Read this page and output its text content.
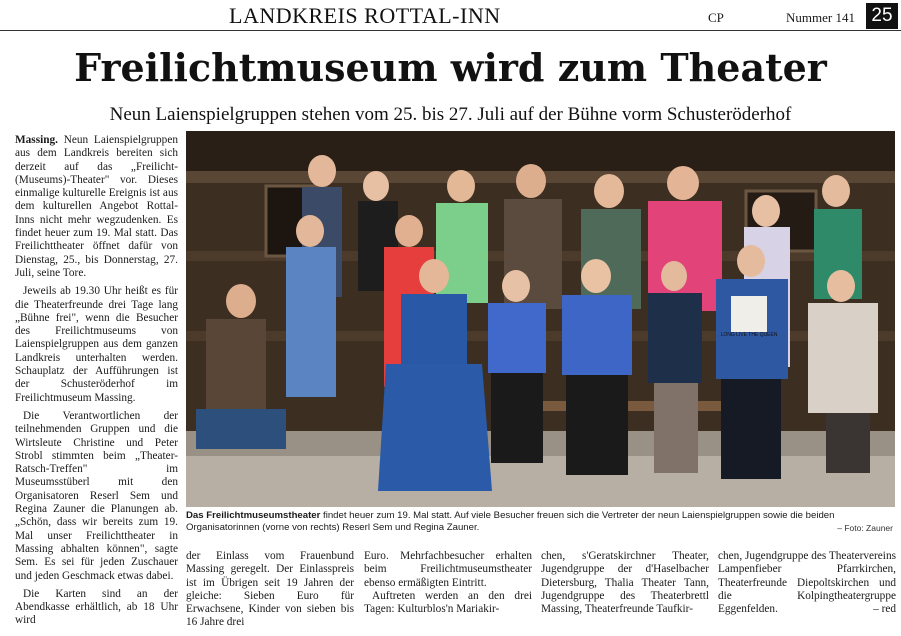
LANDKREIS ROTTAL-INN	CP	Nummer 141 25
Freilichtmuseum wird zum Theater
Neun Laienspielgruppen stehen vom 25. bis 27. Juli auf der Bühne vorm Schusteröderhof

Massing. Neun Laienspielgruppen aus dem Landkreis bereiten sich derzeit auf das „Freilicht-(Museums)-Theater" vor. Dieses einmalige kulturelle Ereignis ist aus dem kulturellen Angebot Rottal-Inns nicht mehr wegzudenken. Es findet heuer zum 19. Mal statt. Das Freilichttheater öffnet dafür von Dienstag, 25., bis Donnerstag, 27. Juli, seine Tore.

Jeweils ab 19.30 Uhr heißt es für die Theaterfreunde drei Tage lang „Bühne frei", wenn die Besucher des Freilichtmuseums von Laienspielgruppen aus dem ganzen Landkreis unterhalten werden. Schauplatz der Aufführungen ist der Schusteröderhof im Freilichtmuseum Massing.

Die Verantwortlichen der teilnehmenden Gruppen und die Wirtsleute Christine und Peter Strobl stimmten beim „Theater-Ratsch-Treffen" im Museumsstüberl mit den Organisatoren Reserl Sem und Regina Zauner die Planungen ab. „Schön, dass wir bereits zum 19. Mal unser Freilichttheater in Massing abhalten können", sagte Sem. Es sei für jeden Zuschauer und jeden Geschmack etwas dabei.

Die Karten sind an der Abendkasse erhältlich, ab 18 Uhr wird

LONG LIVE THE QUEEN
Das Freilichtmuseumstheater findet heuer zum 19. Mal statt. Auf viele Besucher freuen sich die Vertreter der neun Laienspielgruppen sowie die beiden Organisatorinnen (vorne von rechts) Reserl Sem und Regina Zauner.	– Foto: Zauner
der Einlass vom Frauenbund Massing geregelt. Der Einlasspreis ist im Übrigen seit 19 Jahren der gleiche: Sieben Euro für Erwachsene, Kinder von sieben bis 16 Jahre drei
Euro. Mehrfachbesucher erhalten beim Freilichtmuseumstheater ebenso ermäßigten Eintritt.
Auftreten werden an den drei Tagen: Kulturblos'n Mariakir-
chen, s'Geratskirchner Theater, Jugendgruppe der d'Haselbacher Dietersburg, Thalia Theater Tann, Jugendgruppe des Theaterbrettl Massing, Theaterfreunde Taufkir-
chen, Jugendgruppe des Theatervereins Lampenfieber Pfarrkirchen, Theaterfreunde Diepoltskirchen und die Kolpingtheatergruppe Eggenfelden.	– red
